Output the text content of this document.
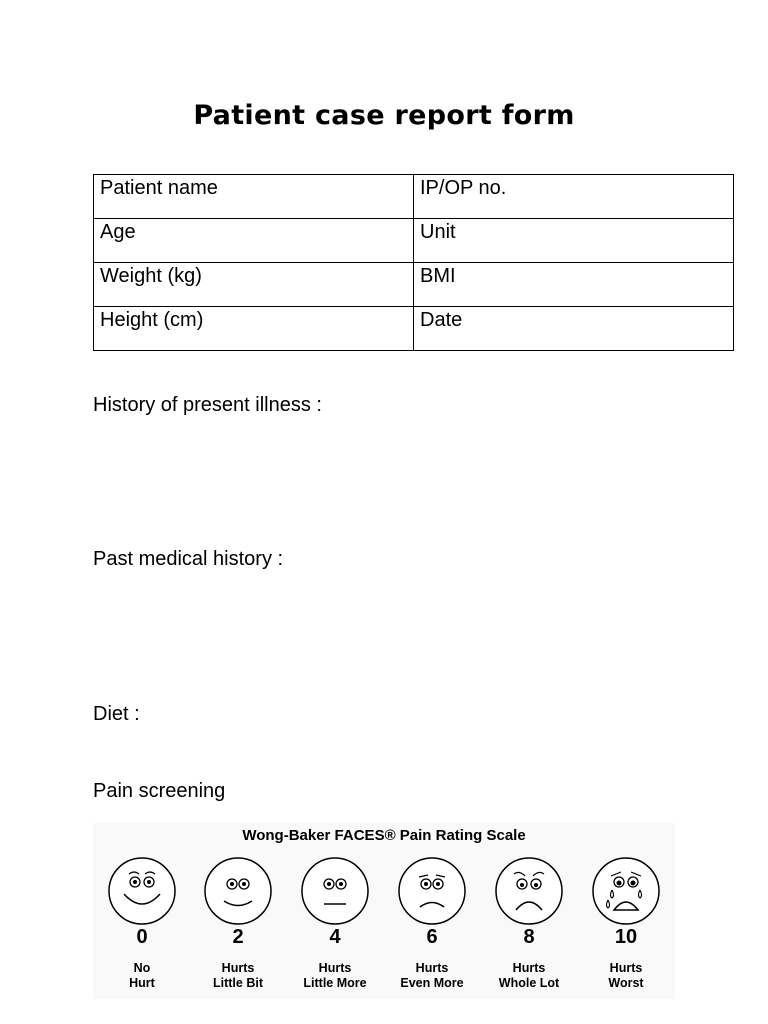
Patient case report form
Patient name	IP/OP no.
Age	Unit
Weight (kg)	BMI
Height (cm)	Date
History of present illness :
Past medical history :
Diet :
Pain screening
Wong-Baker FACES® Pain Rating Scale
0	2	4	6	8	10
No
Hurt
Hurts
Little Bit
Hurts
Little More
Hurts
Even More
Hurts
Whole Lot
Hurts
Worst
